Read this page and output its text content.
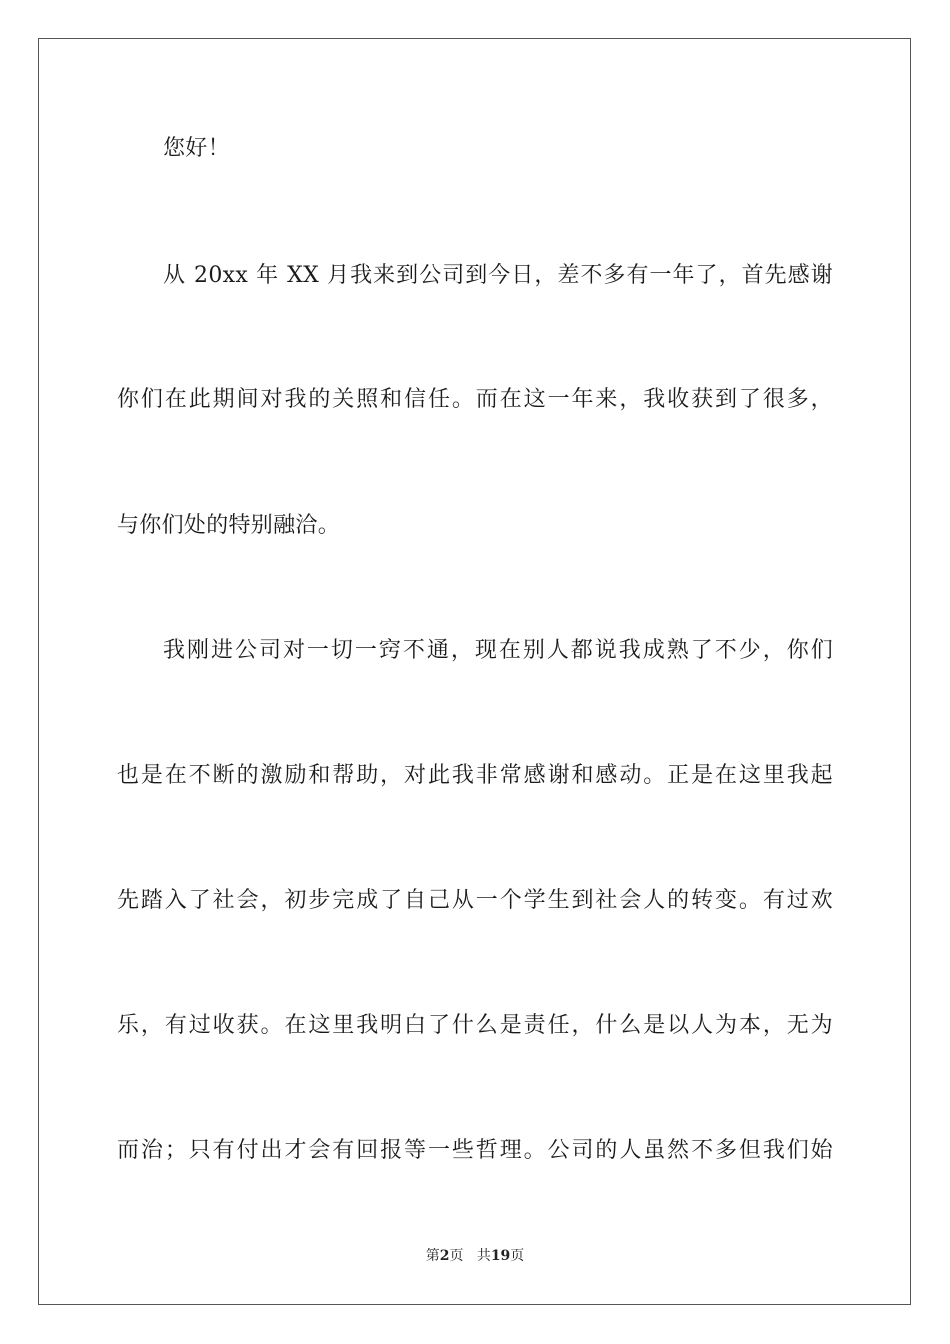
您好！
从 20xx 年 XX 月我来到公司到今日，差不多有一年了，首先感谢
你们在此期间对我的关照和信任。而在这一年来，我收获到了很多，
与你们处的特别融洽。
我刚进公司对一切一窍不通，现在别人都说我成熟了不少，你们
也是在不断的激励和帮助，对此我非常感谢和感动。正是在这里我起
先踏入了社会，初步完成了自己从一个学生到社会人的转变。有过欢
乐，有过收获。在这里我明白了什么是责任，什么是以人为本，无为
而治；只有付出才会有回报等一些哲理。公司的人虽然不多但我们始
第2页 共19页
